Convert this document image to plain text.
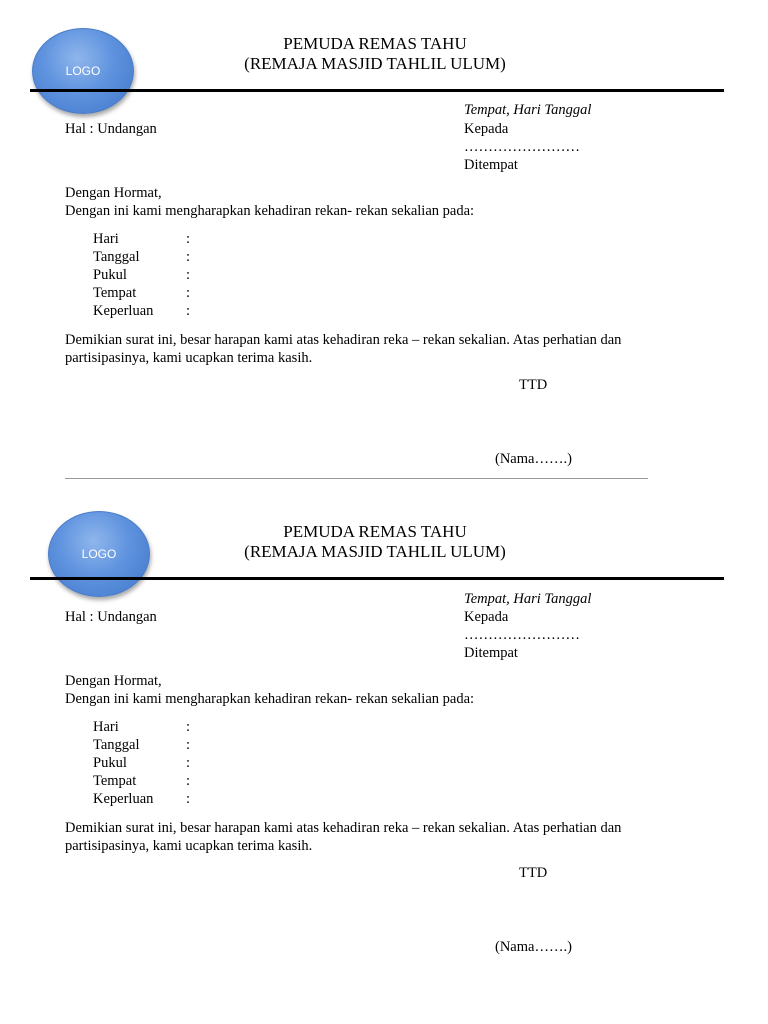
LOGO
PEMUDA REMAS TAHU
(REMAJA MASJID TAHLIL ULUM)
Tempat, Hari Tanggal
Hal : Undangan	Kepada
……………………
Ditempat
Dengan Hormat,
Dengan ini kami mengharapkan kehadiran rekan- rekan sekalian pada:
Hari	:
Tanggal	:
Pukul	:
Tempat	:
Keperluan :
Demikian surat ini, besar harapan kami atas kehadiran reka – rekan sekalian. Atas perhatian dan
partisipasinya, kami ucapkan terima kasih.
TTD
(Nama…….)
LOGO
PEMUDA REMAS TAHU
(REMAJA MASJID TAHLIL ULUM)
Tempat, Hari Tanggal
Hal : Undangan	Kepada
……………………
Ditempat
Dengan Hormat,
Dengan ini kami mengharapkan kehadiran rekan- rekan sekalian pada:
Hari	:
Tanggal	:
Pukul	:
Tempat	:
Keperluan :
Demikian surat ini, besar harapan kami atas kehadiran reka – rekan sekalian. Atas perhatian dan
partisipasinya, kami ucapkan terima kasih.
TTD
(Nama…….)
